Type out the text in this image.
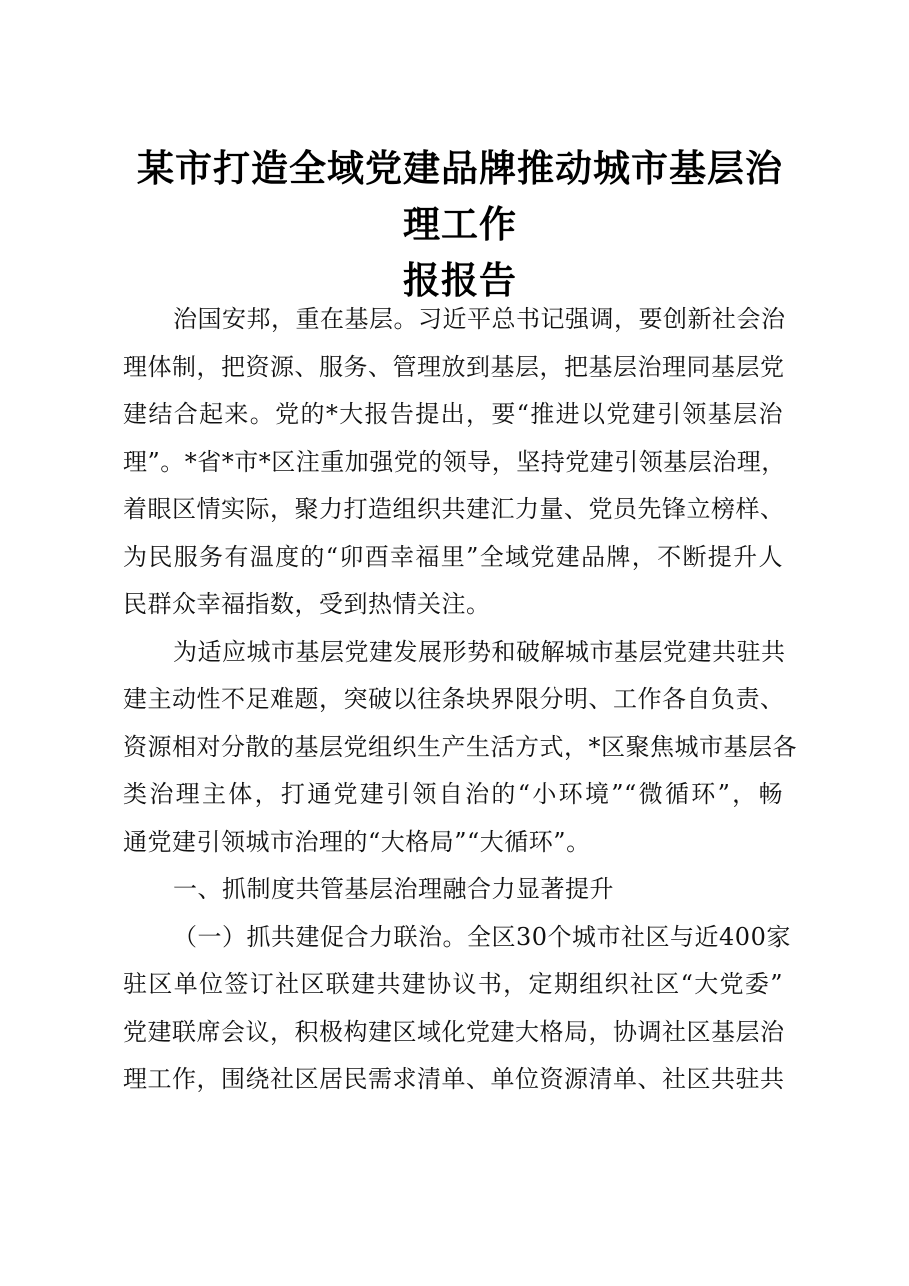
某市打造全域党建品牌推动城市基层治理工作
报报告
治国安邦，重在基层。习近平总书记强调，要创新社会治
理体制，把资源、服务、管理放到基层，把基层治理同基层党
建结合起来。党的*大报告提出，要“推进以党建引领基层治
理”。*省*市*区注重加强党的领导，坚持党建引领基层治理，
着眼区情实际，聚力打造组织共建汇力量、党员先锋立榜样、
为民服务有温度的“卯酉幸福里”全域党建品牌，不断提升人
民群众幸福指数，受到热情关注。
为适应城市基层党建发展形势和破解城市基层党建共驻共
建主动性不足难题，突破以往条块界限分明、工作各自负责、
资源相对分散的基层党组织生产生活方式，*区聚焦城市基层各
类治理主体，打通党建引领自治的“小环境”“微循环”，畅
通党建引领城市治理的“大格局”“大循环”。
一、抓制度共管基层治理融合力显著提升
（一）抓共建促合力联治。全区30个城市社区与近400家
驻区单位签订社区联建共建协议书，定期组织社区“大党委”
党建联席会议，积极构建区域化党建大格局，协调社区基层治
理工作，围绕社区居民需求清单、单位资源清单、社区共驻共
